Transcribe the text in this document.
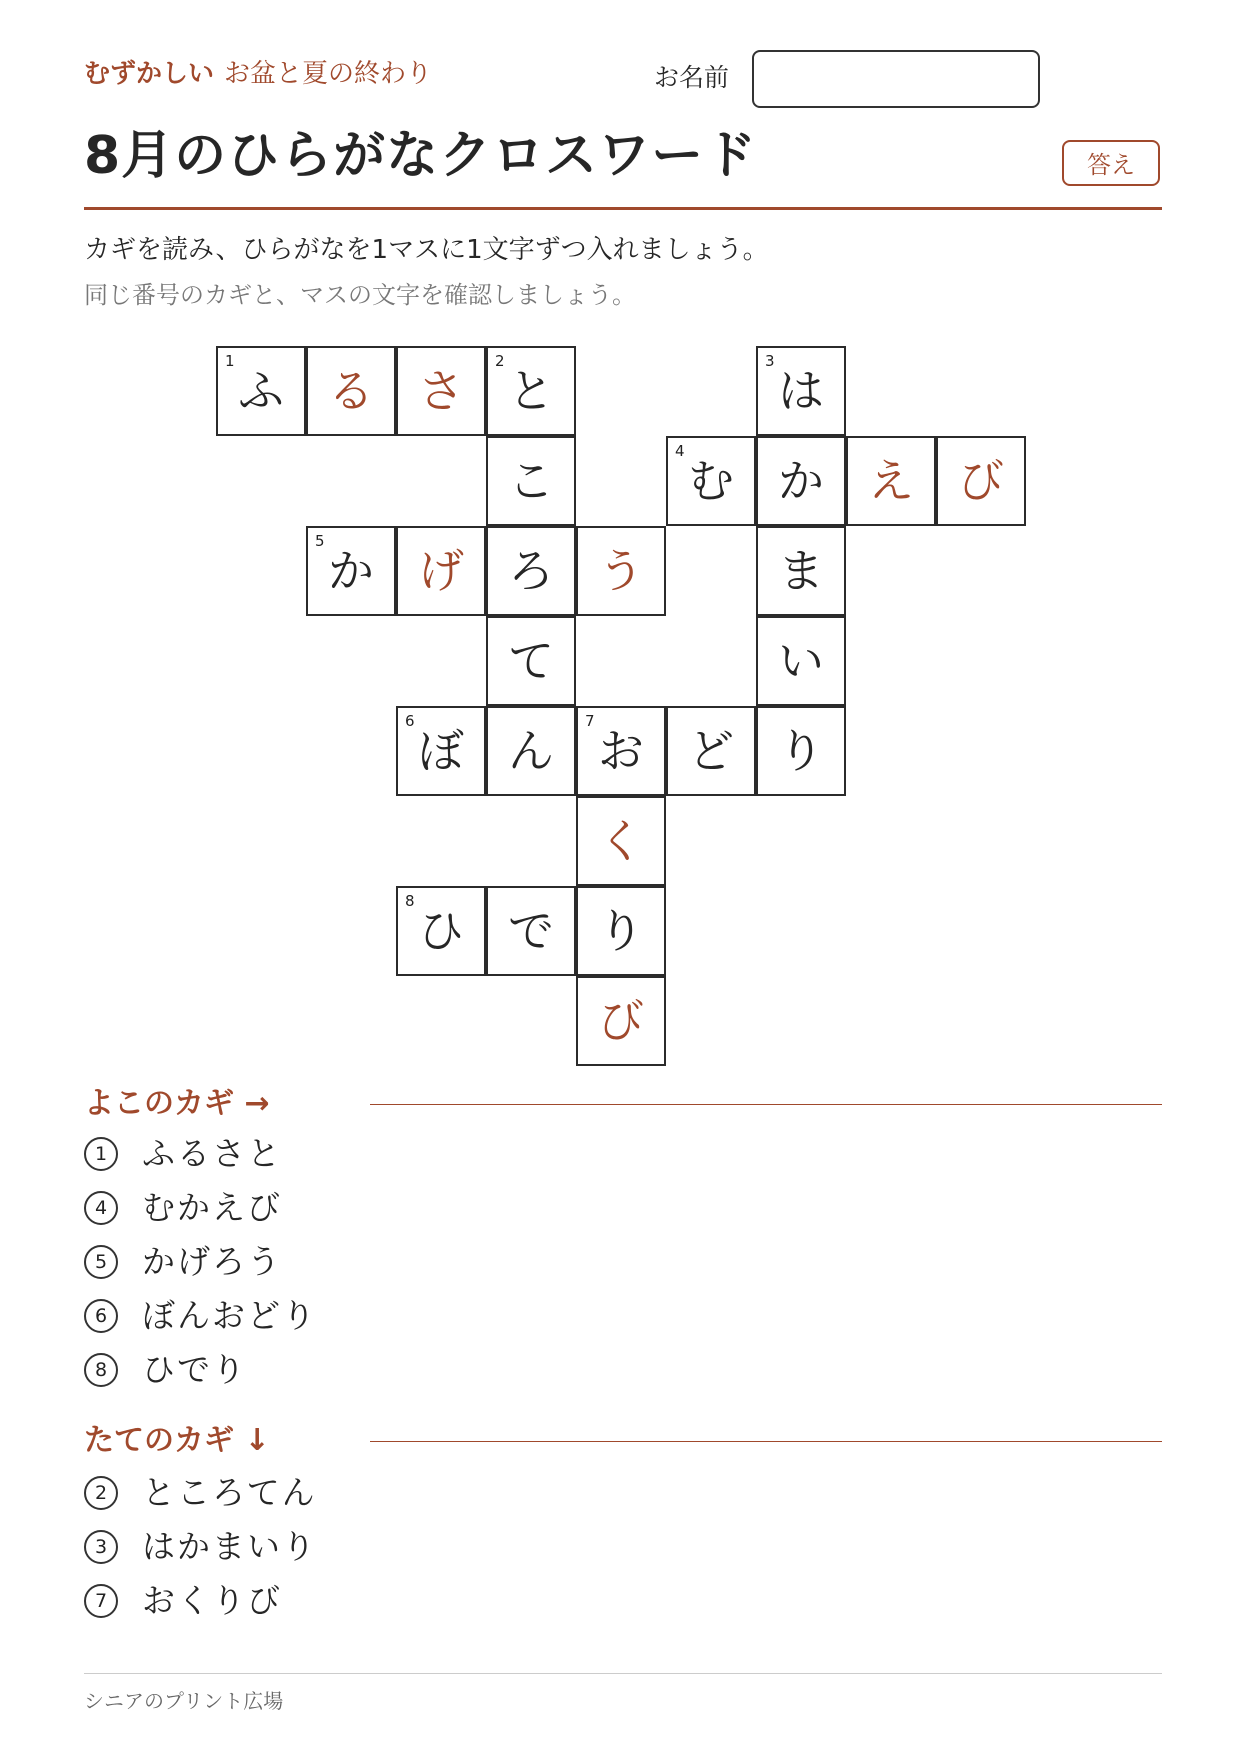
むずかしい お盆と夏の終わり	お名前
8月のひらがなクロスワード	答え
カギを読み、ひらがなを1マスに1文字ずつ入れましょう。
同じ番号のカギと、マスの文字を確認しましょう。
1
ふ る さ
2
と
3
は
こ
4
む か え び
5
か げ ろ う	ま
て	い
6
ぼ ん
7
お ど り
く
8
ひ で り
び
よこのカギ →
1	ふるさと
4	むかえび
5	かげろう
6	ぼんおどり
8	ひでり
たてのカギ ↓
2	ところてん
3	はかまいり
7	おくりび
シニアのプリント広場
